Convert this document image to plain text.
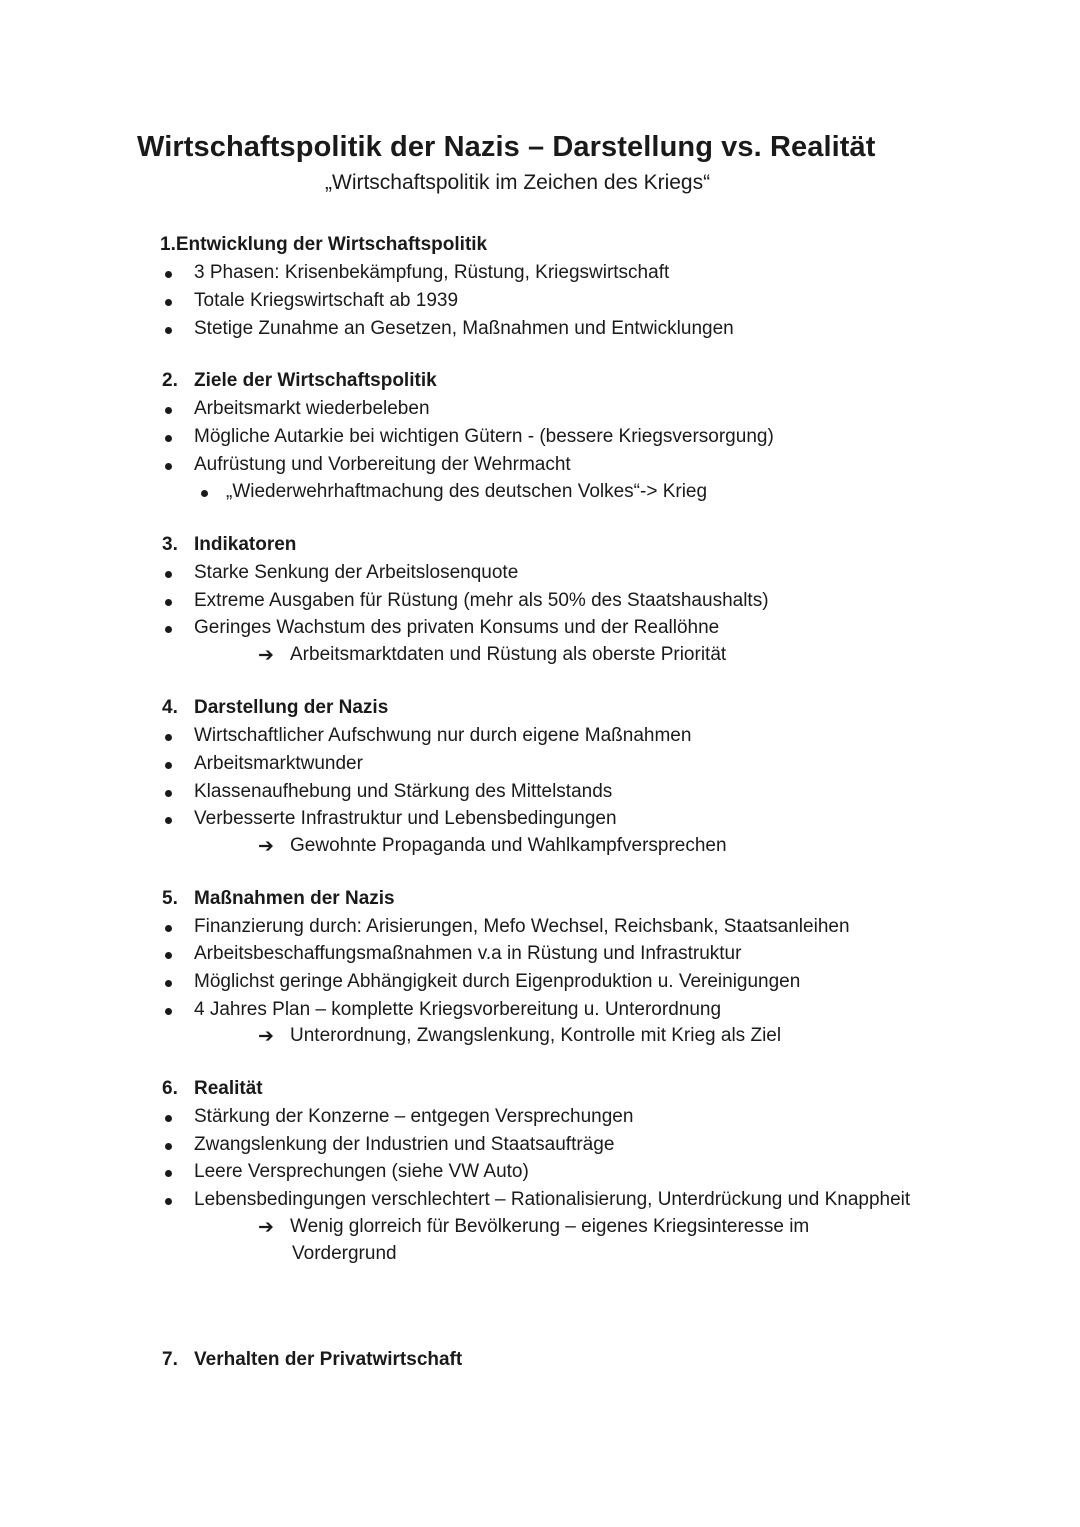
Wirtschaftspolitik der Nazis – Darstellung vs. Realität
„Wirtschaftspolitik im Zeichen des Kriegs“
1.Entwicklung der Wirtschaftspolitik
3 Phasen: Krisenbekämpfung, Rüstung, Kriegswirtschaft
Totale Kriegswirtschaft ab 1939
Stetige Zunahme an Gesetzen, Maßnahmen und Entwicklungen
2. Ziele der Wirtschaftspolitik
Arbeitsmarkt wiederbeleben
Mögliche Autarkie bei wichtigen Gütern - (bessere Kriegsversorgung)
Aufrüstung und Vorbereitung der Wehrmacht
„Wiederwehrhaftmachung des deutschen Volkes“-> Krieg
3. Indikatoren
Starke Senkung der Arbeitslosenquote
Extreme Ausgaben für Rüstung (mehr als 50% des Staatshaushalts)
Geringes Wachstum des privaten Konsums und der Reallöhne
➔ Arbeitsmarktdaten und Rüstung als oberste Priorität
4. Darstellung der Nazis
Wirtschaftlicher Aufschwung nur durch eigene Maßnahmen
Arbeitsmarktwunder
Klassenaufhebung und Stärkung des Mittelstands
Verbesserte Infrastruktur und Lebensbedingungen
➔ Gewohnte Propaganda und Wahlkampfversprechen
5. Maßnahmen der Nazis
Finanzierung durch: Arisierungen, Mefo Wechsel, Reichsbank, Staatsanleihen
Arbeitsbeschaffungsmaßnahmen v.a in Rüstung und Infrastruktur
Möglichst geringe Abhängigkeit durch Eigenproduktion u. Vereinigungen
4 Jahres Plan – komplette Kriegsvorbereitung u. Unterordnung
➔ Unterordnung, Zwangslenkung, Kontrolle mit Krieg als Ziel
6. Realität
Stärkung der Konzerne – entgegen Versprechungen
Zwangslenkung der Industrien und Staatsaufträge
Leere Versprechungen (siehe VW Auto)
Lebensbedingungen verschlechtert – Rationalisierung, Unterdrückung und Knappheit
➔ Wenig glorreich für Bevölkerung – eigenes Kriegsinteresse im
Vordergrund
7. Verhalten der Privatwirtschaft
